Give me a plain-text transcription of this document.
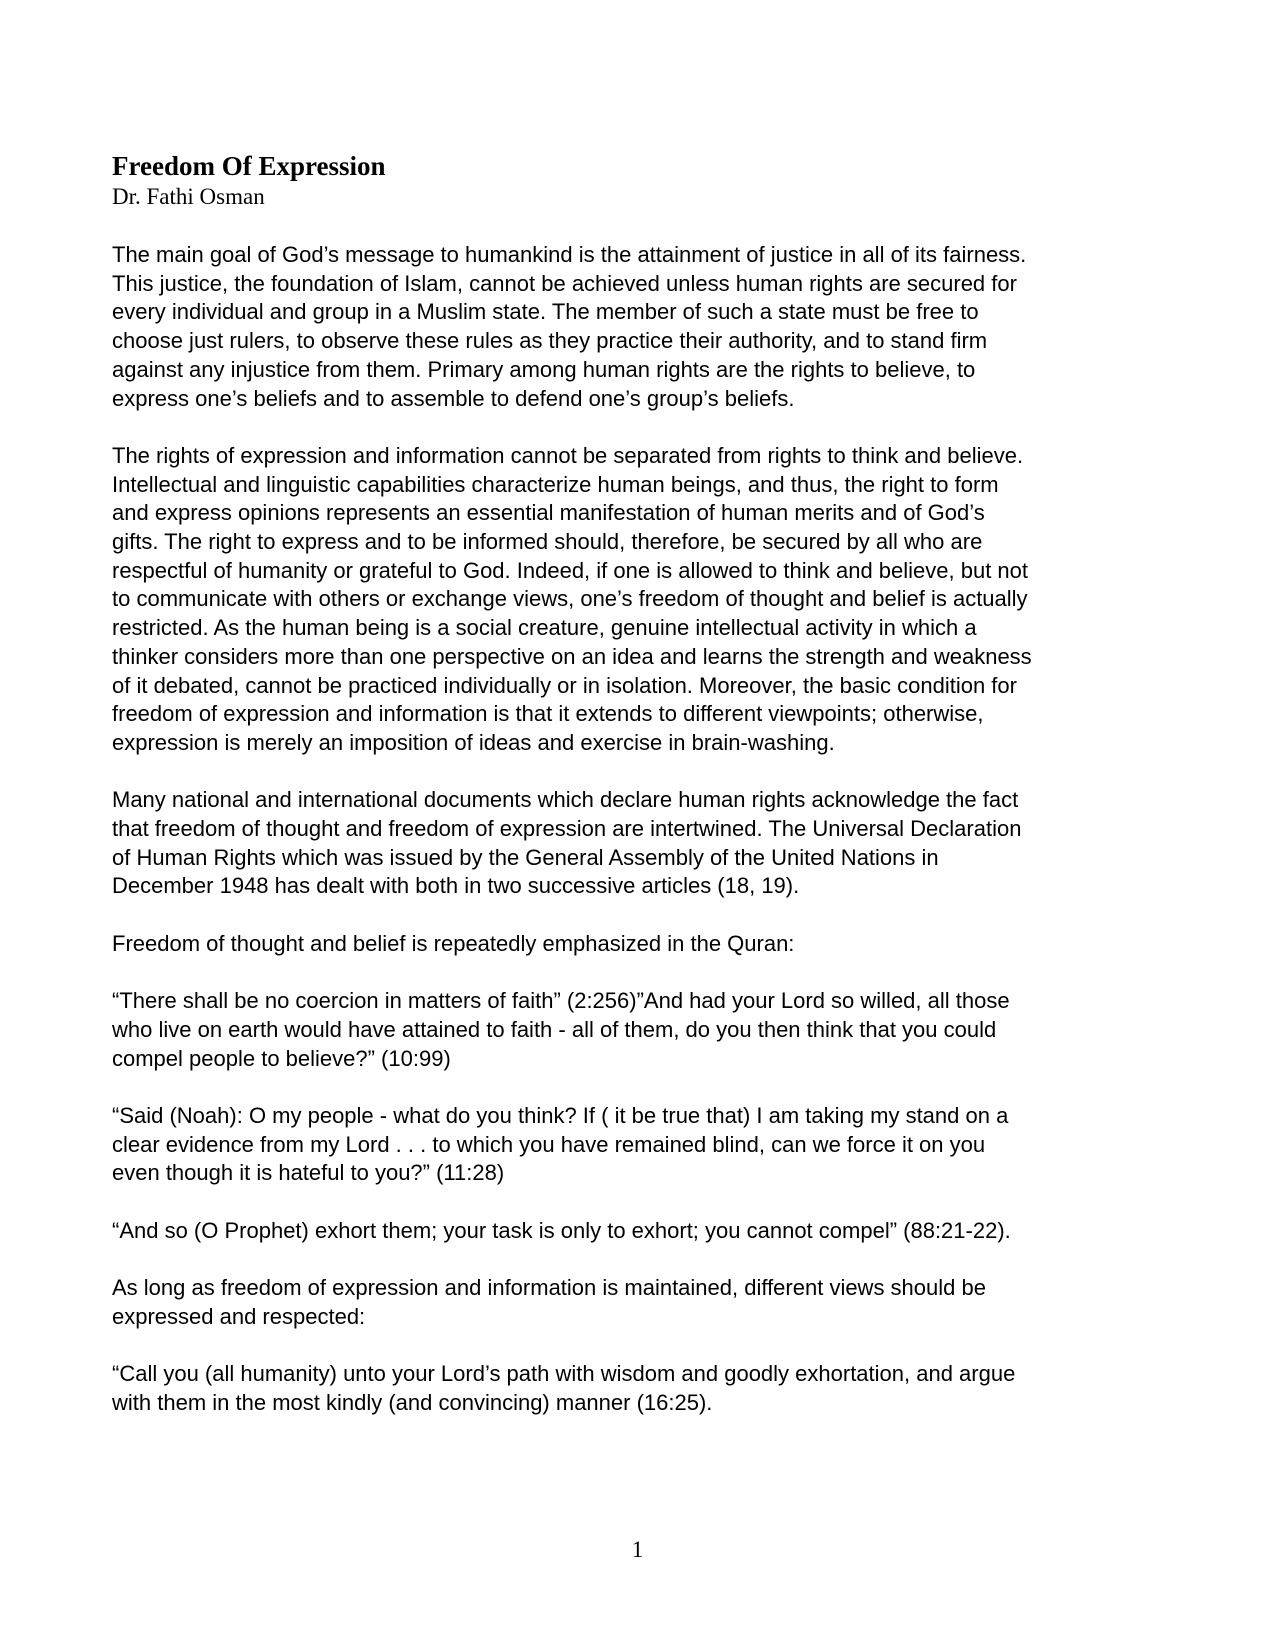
Freedom Of Expression
Dr. Fathi Osman

The main goal of God’s message to humankind is the attainment of justice in all of its fairness.
This justice, the foundation of Islam, cannot be achieved unless human rights are secured for
every individual and group in a Muslim state. The member of such a state must be free to
choose just rulers, to observe these rules as they practice their authority, and to stand firm
against any injustice from them. Primary among human rights are the rights to believe, to
express one’s beliefs and to assemble to defend one’s group’s beliefs.

The rights of expression and information cannot be separated from rights to think and believe.
Intellectual and linguistic capabilities characterize human beings, and thus, the right to form
and express opinions represents an essential manifestation of human merits and of God’s
gifts. The right to express and to be informed should, therefore, be secured by all who are
respectful of humanity or grateful to God. Indeed, if one is allowed to think and believe, but not
to communicate with others or exchange views, one’s freedom of thought and belief is actually
restricted. As the human being is a social creature, genuine intellectual activity in which a
thinker considers more than one perspective on an idea and learns the strength and weakness
of it debated, cannot be practiced individually or in isolation. Moreover, the basic condition for
freedom of expression and information is that it extends to different viewpoints; otherwise,
expression is merely an imposition of ideas and exercise in brain-washing.

Many national and international documents which declare human rights acknowledge the fact
that freedom of thought and freedom of expression are intertwined. The Universal Declaration
of Human Rights which was issued by the General Assembly of the United Nations in
December 1948 has dealt with both in two successive articles (18, 19).

Freedom of thought and belief is repeatedly emphasized in the Quran:

“There shall be no coercion in matters of faith” (2:256)”And had your Lord so willed, all those
who live on earth would have attained to faith - all of them, do you then think that you could
compel people to believe?” (10:99)

“Said (Noah): O my people - what do you think? If ( it be true that) I am taking my stand on a
clear evidence from my Lord . . . to which you have remained blind, can we force it on you
even though it is hateful to you?” (11:28)

“And so (O Prophet) exhort them; your task is only to exhort; you cannot compel” (88:21-22).

As long as freedom of expression and information is maintained, different views should be
expressed and respected:

“Call you (all humanity) unto your Lord’s path with wisdom and goodly exhortation, and argue
with them in the most kindly (and convincing) manner (16:25).

1
